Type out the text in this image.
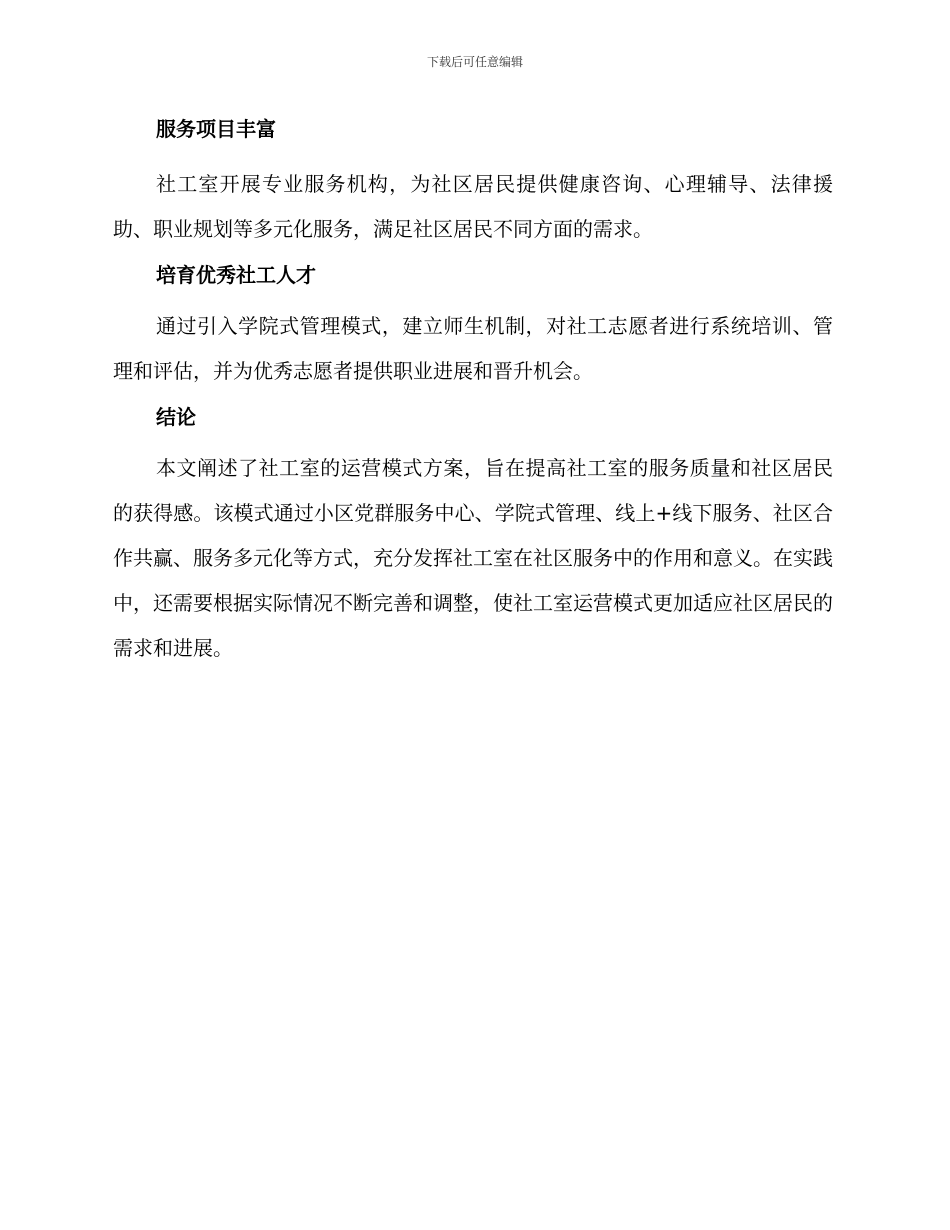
下载后可任意编辑
服务项目丰富

社工室开展专业服务机构，为社区居民提供健康咨询、心理辅导、法律援助、职业规划等多元化服务，满足社区居民不同方面的需求。

培育优秀社工人才

通过引入学院式管理模式，建立师生机制，对社工志愿者进行系统培训、管理和评估，并为优秀志愿者提供职业进展和晋升机会。

结论

本文阐述了社工室的运营模式方案，旨在提高社工室的服务质量和社区居民的获得感。该模式通过小区党群服务中心、学院式管理、线上+线下服务、社区合作共赢、服务多元化等方式，充分发挥社工室在社区服务中的作用和意义。在实践中，还需要根据实际情况不断完善和调整，使社工室运营模式更加适应社区居民的需求和进展。
